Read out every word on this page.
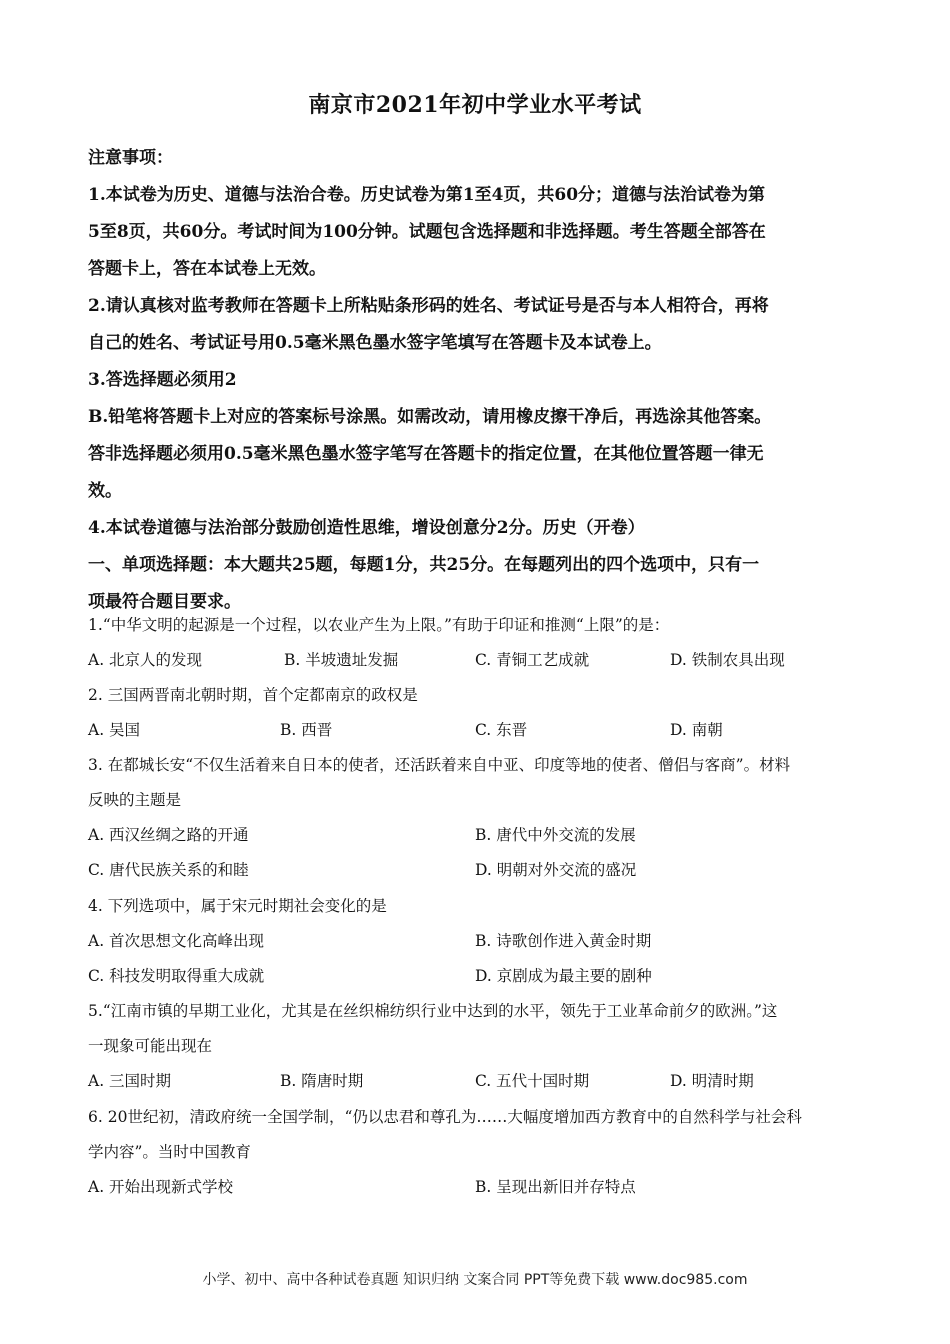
南京市2021年初中学业水平考试

注意事项：

1.本试卷为历史、道德与法治合卷。历史试卷为第1至4页，共60分；道德与法治试卷为第

5至8页，共60分。考试时间为100分钟。试题包含选择题和非选择题。考生答题全部答在

答题卡上，答在本试卷上无效。

2.请认真核对监考教师在答题卡上所粘贴条形码的姓名、考试证号是否与本人相符合，再将

自己的姓名、考试证号用0.5毫米黑色墨水签字笔填写在答题卡及本试卷上。

3.答选择题必须用2

B.铅笔将答题卡上对应的答案标号涂黑。如需改动，请用橡皮擦干净后，再选涂其他答案。

答非选择题必须用0.5毫米黑色墨水签字笔写在答题卡的指定位置，在其他位置答题一律无

效。

4.本试卷道德与法治部分鼓励创造性思维，增设创意分2分。历史（开卷）

一、单项选择题：本大题共25题，每题1分，共25分。在每题列出的四个选项中，只有一

项最符合题目要求。

1.“中华文明的起源是一个过程，以农业产生为上限。”有助于印证和推测“上限”的是：

A. 北京人的发现	B. 半坡遗址发掘	C. 青铜工艺成就	D. 铁制农具出现

2. 三国两晋南北朝时期，首个定都南京的政权是

A. 吴国	B. 西晋	C. 东晋	D. 南朝

3. 在都城长安“不仅生活着来自日本的使者，还活跃着来自中亚、印度等地的使者、僧侣与客商”。材料

反映的主题是

A. 西汉丝绸之路的开通	B. 唐代中外交流的发展
C. 唐代民族关系的和睦	D. 明朝对外交流的盛况

4. 下列选项中，属于宋元时期社会变化的是

A. 首次思想文化高峰出现	B. 诗歌创作进入黄金时期
C. 科技发明取得重大成就	D. 京剧成为最主要的剧种

5.“江南市镇的早期工业化，尤其是在丝织棉纺织行业中达到的水平，领先于工业革命前夕的欧洲。”这

一现象可能出现在

A. 三国时期	B. 隋唐时期	C. 五代十国时期	D. 明清时期

6. 20世纪初，清政府统一全国学制，“仍以忠君和尊孔为……大幅度增加西方教育中的自然科学与社会科

学内容”。当时中国教育

A. 开始出现新式学校	B. 呈现出新旧并存特点
小学、初中、高中各种试卷真题 知识归纳 文案合同 PPT等免费下载 www.doc985.com
